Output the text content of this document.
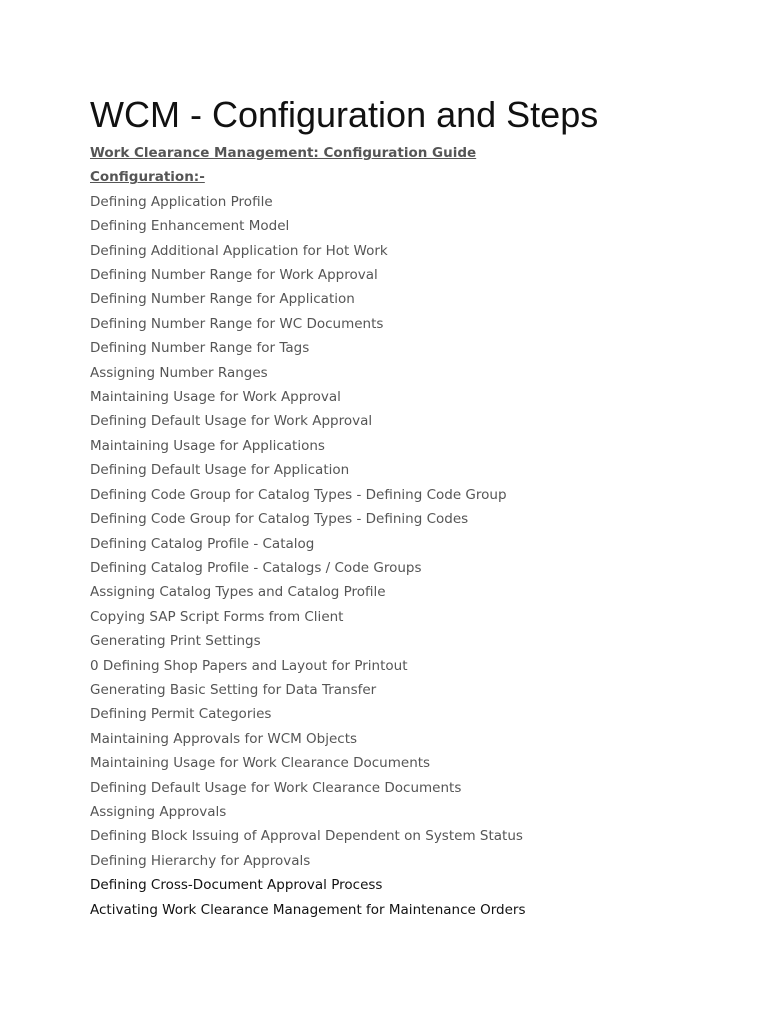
WCM - Configuration and Steps
Work Clearance Management: Configuration Guide
Configuration:-
Defining Application Profile
Defining Enhancement Model
Defining Additional Application for Hot Work
Defining Number Range for Work Approval
Defining Number Range for Application
Defining Number Range for WC Documents
Defining Number Range for Tags
Assigning Number Ranges
Maintaining Usage for Work Approval
Defining Default Usage for Work Approval
Maintaining Usage for Applications
Defining Default Usage for Application
Defining Code Group for Catalog Types - Defining Code Group
Defining Code Group for Catalog Types - Defining Codes
Defining Catalog Profile - Catalog
Defining Catalog Profile - Catalogs / Code Groups
Assigning Catalog Types and Catalog Profile
Copying SAP Script Forms from Client
Generating Print Settings
0 Defining Shop Papers and Layout for Printout
Generating Basic Setting for Data Transfer
Defining Permit Categories
Maintaining Approvals for WCM Objects
Maintaining Usage for Work Clearance Documents
Defining Default Usage for Work Clearance Documents
Assigning Approvals
Defining Block Issuing of Approval Dependent on System Status
Defining Hierarchy for Approvals
Defining Cross-Document Approval Process
Activating Work Clearance Management for Maintenance Orders
